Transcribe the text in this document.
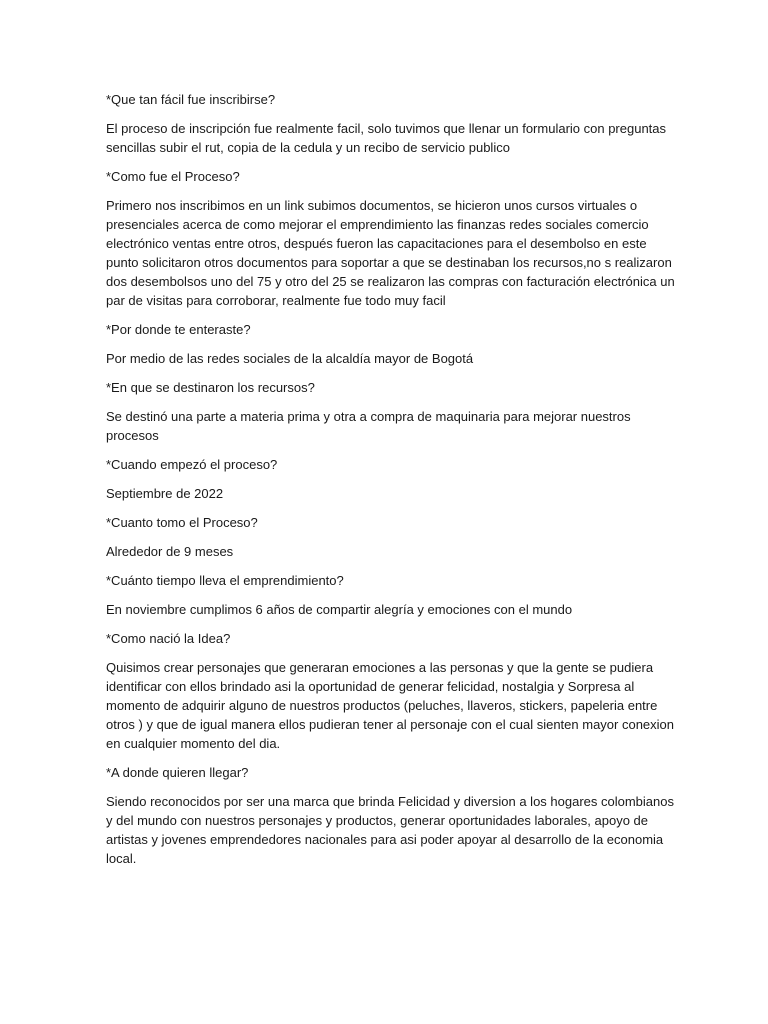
*Que tan fácil fue inscribirse?
El proceso de inscripción fue realmente facil, solo tuvimos que llenar un formulario con preguntas
sencillas subir el rut, copia de la cedula y un recibo de servicio publico
*Como fue el Proceso?
Primero nos inscribimos en un link subimos documentos, se hicieron unos cursos virtuales o
presenciales acerca de como mejorar el emprendimiento las finanzas redes sociales comercio
electrónico ventas entre otros, después fueron las capacitaciones para el desembolso en este
punto solicitaron otros documentos para soportar a que se destinaban los recursos,no s realizaron
dos desembolsos uno del 75 y otro del 25 se realizaron las compras con facturación electrónica un
par de visitas para corroborar, realmente fue todo muy facil
*Por donde te enteraste?
Por medio de las redes sociales de la alcaldía mayor de Bogotá
*En que se destinaron los recursos?
Se destinó una parte a materia prima y otra a compra de maquinaria para mejorar nuestros
procesos
*Cuando empezó el proceso?
Septiembre de 2022
*Cuanto tomo el Proceso?
Alrededor de 9 meses
*Cuánto tiempo lleva el emprendimiento?
En noviembre cumplimos 6 años de compartir alegría y emociones con el mundo
*Como nació la Idea?
Quisimos crear personajes que generaran emociones a las personas y que la gente se pudiera
identificar con ellos brindado asi la oportunidad de generar felicidad, nostalgia y Sorpresa al
momento de adquirir alguno de nuestros productos (peluches, llaveros, stickers, papeleria entre
otros ) y que de igual manera ellos pudieran tener al personaje con el cual sienten mayor conexion
en cualquier momento del dia.
*A donde quieren llegar?
Siendo reconocidos por ser una marca que brinda Felicidad y diversion a los hogares colombianos
y del mundo con nuestros personajes y productos, generar oportunidades laborales, apoyo de
artistas y jovenes emprendedores nacionales para asi poder apoyar al desarrollo de la economia
local.
